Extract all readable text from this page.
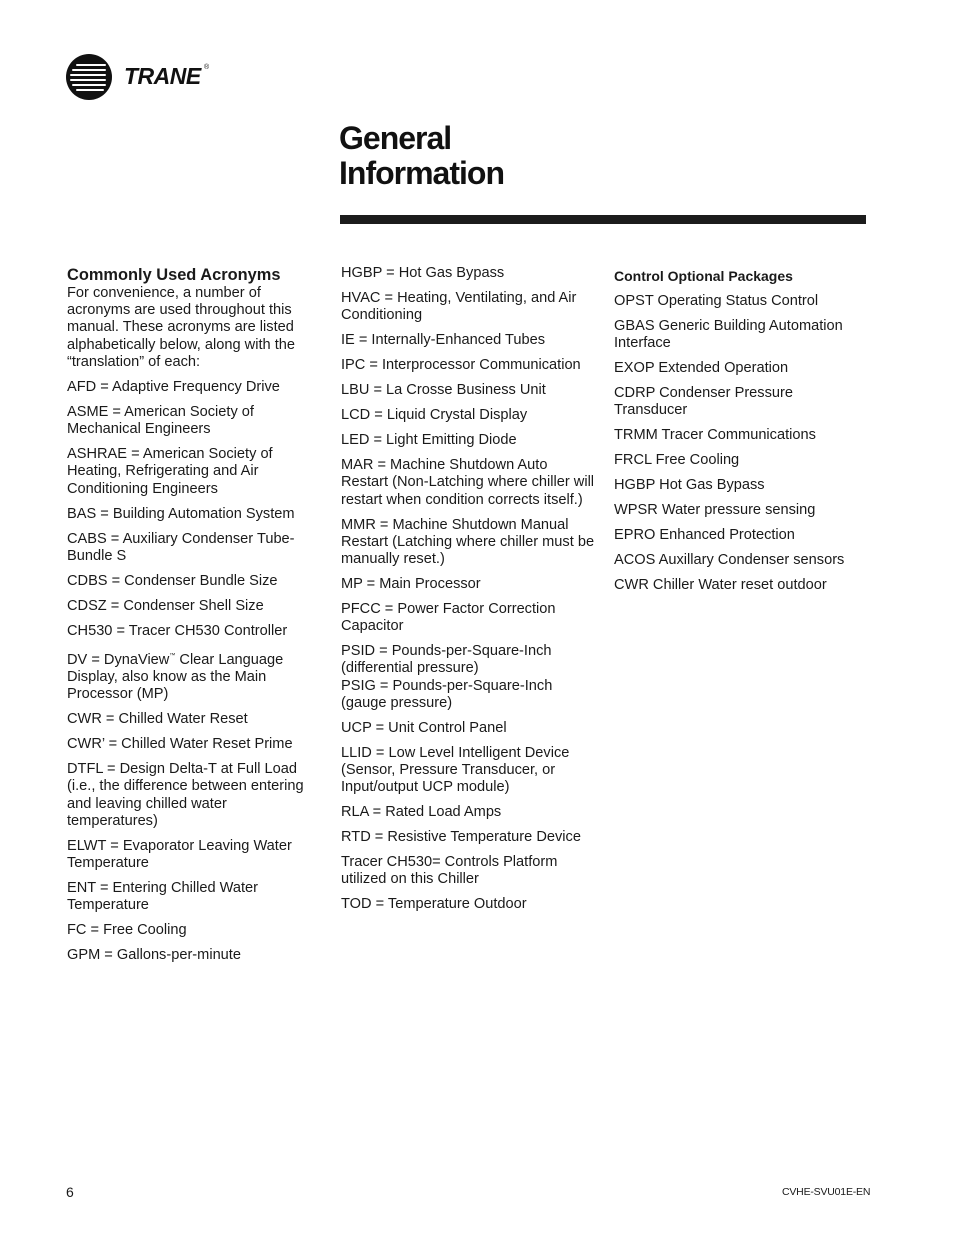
TRANE ®
General
Information
Commonly Used Acronyms

For convenience, a number of acronyms are used throughout this manual. These acronyms are listed alphabetically below, along with the “translation” of each:

AFD = Adaptive Frequency Drive
ASME = American Society of Mechanical Engineers
ASHRAE = American Society of Heating, Refrigerating and Air Conditioning Engineers
BAS = Building Automation System
CABS = Auxiliary Condenser Tube-Bundle S
CDBS = Condenser Bundle Size
CDSZ = Condenser Shell Size
CH530 = Tracer CH530 Controller
DV = DynaView™ Clear Language Display, also know as the Main Processor (MP)
CWR = Chilled Water Reset
CWR’ = Chilled Water Reset Prime
DTFL = Design Delta-T at Full Load (i.e., the difference between entering and leaving chilled water temperatures)
ELWT = Evaporator Leaving Water Temperature
ENT = Entering Chilled Water Temperature
FC = Free Cooling
GPM = Gallons-per-minute
HGBP = Hot Gas Bypass
HVAC = Heating, Ventilating, and Air Conditioning
IE = Internally-Enhanced Tubes
IPC = Interprocessor Communication
LBU = La Crosse Business Unit
LCD = Liquid Crystal Display
LED = Light Emitting Diode
MAR = Machine Shutdown Auto Restart (Non-Latching where chiller will restart when condition corrects itself.)
MMR = Machine Shutdown Manual Restart (Latching where chiller must be manually reset.)
MP = Main Processor
PFCC = Power Factor Correction Capacitor
PSID = Pounds-per-Square-Inch (differential pressure)
PSIG = Pounds-per-Square-Inch (gauge pressure)
UCP = Unit Control Panel
LLID = Low Level Intelligent Device (Sensor, Pressure Transducer, or Input/output UCP module)
RLA = Rated Load Amps
RTD = Resistive Temperature Device
Tracer CH530= Controls Platform utilized on this Chiller
TOD = Temperature Outdoor
Control Optional Packages
OPST Operating Status Control
GBAS Generic Building Automation Interface
EXOP Extended Operation
CDRP Condenser Pressure Transducer
TRMM Tracer Communications
FRCL Free Cooling
HGBP Hot Gas Bypass
WPSR Water pressure sensing
EPRO Enhanced Protection
ACOS Auxillary Condenser sensors
CWR Chiller Water reset outdoor
6	CVHE-SVU01E-EN
